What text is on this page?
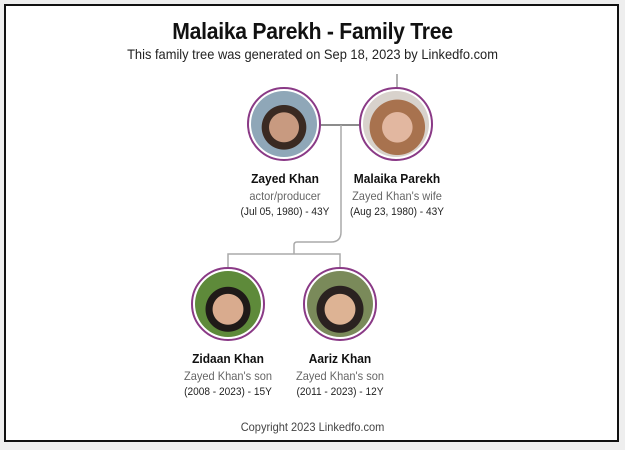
Malaika Parekh - Family Tree
This family tree was generated on Sep 18, 2023 by Linkedfo.com
Zayed Khan
actor/producer
(Jul 05, 1980) - 43Y
Malaika Parekh
Zayed Khan's wife
(Aug 23, 1980) - 43Y
Zidaan Khan
Zayed Khan's son
(2008 - 2023) - 15Y
Aariz Khan
Zayed Khan's son
(2011 - 2023) - 12Y
Copyright 2023 Linkedfo.com
